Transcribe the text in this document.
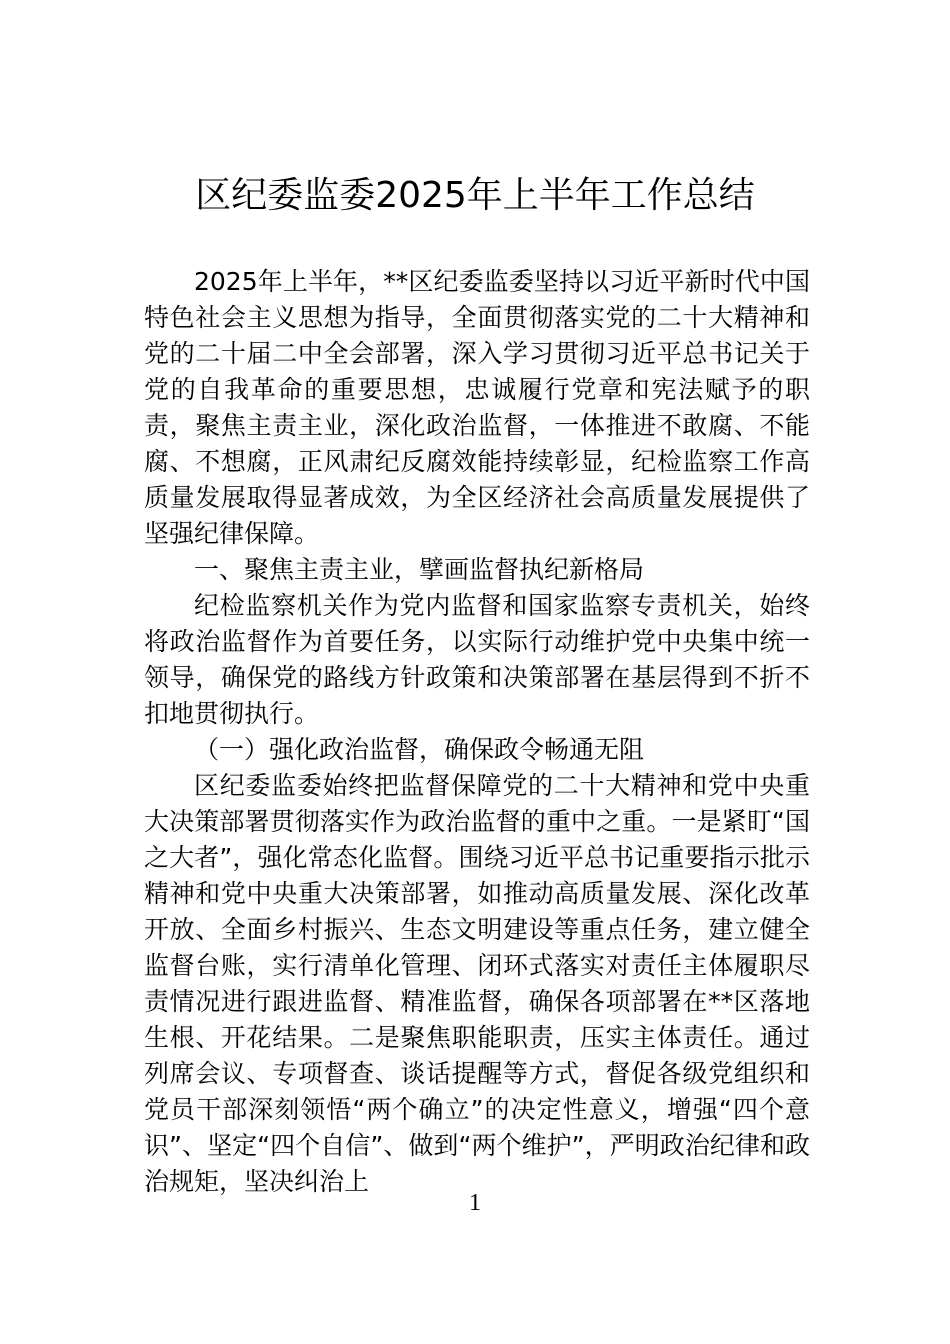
区纪委监委2025年上半年工作总结

2025年上半年，**区纪委监委坚持以习近平新时代中国特色社会主义思想为指导，全面贯彻落实党的二十大精神和党的二十届二中全会部署，深入学习贯彻习近平总书记关于党的自我革命的重要思想，忠诚履行党章和宪法赋予的职责，聚焦主责主业，深化政治监督，一体推进不敢腐、不能腐、不想腐，正风肃纪反腐效能持续彰显，纪检监察工作高质量发展取得显著成效，为全区经济社会高质量发展提供了坚强纪律保障。

一、聚焦主责主业，擘画监督执纪新格局

纪检监察机关作为党内监督和国家监察专责机关，始终将政治监督作为首要任务，以实际行动维护党中央集中统一领导，确保党的路线方针政策和决策部署在基层得到不折不扣地贯彻执行。

（一）强化政治监督，确保政令畅通无阻

区纪委监委始终把监督保障党的二十大精神和党中央重大决策部署贯彻落实作为政治监督的重中之重。一是紧盯“国之大者”，强化常态化监督。围绕习近平总书记重要指示批示精神和党中央重大决策部署，如推动高质量发展、深化改革开放、全面乡村振兴、生态文明建设等重点任务，建立健全监督台账，实行清单化管理、闭环式落实对责任主体履职尽责情况进行跟进监督、精准监督，确保各项部署在**区落地生根、开花结果。二是聚焦职能职责，压实主体责任。通过列席会议、专项督查、谈话提醒等方式，督促各级党组织和党员干部深刻领悟“两个确立”的决定性意义，增强“四个意识”、坚定“四个自信”、做到“两个维护”，严明政治纪律和政治规矩，坚决纠治上

1
